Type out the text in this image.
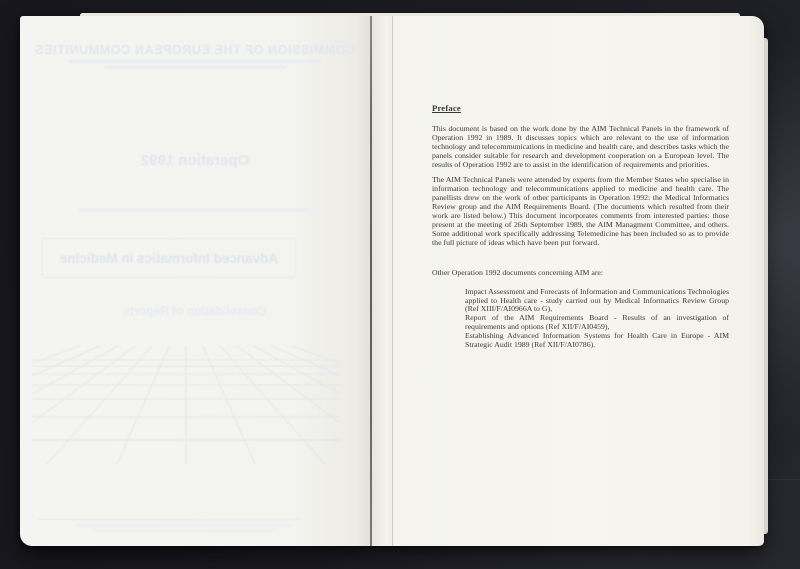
COMMISSION OF THE EUROPEAN COMMUNITIES
Operation 1992
Advanced Informatics in Medicine
Consolidation of Reports
Preface
This document is based on the work done by the AIM Technical Panels in the framework of Operation 1992 in 1989. It discusses topics which are relevant to the use of information technology and telecommunications in medicine and health care, and describes tasks which the panels consider suitable for research and development cooperation on a European level. The results of Operation 1992 are to assist in the identification of requirements and priorities.
The AIM Technical Panels were attended by experts from the Member States who specialise in information technology and telecommunications applied to medicine and health care. The panellists drew on the work of other participants in Operation 1992: the Medical Informatics Review group and the AIM Requirements Board. (The documents which resulted from their work are listed below.) This document incorporates comments from interested parties: those present at the meeting of 26th September 1989, the AIM Managment Committee, and others. Some additional work specifically addressing Telemedicine has been included so as to provide the full picture of ideas which have been put forward.
Other Operation 1992 documents concerning AIM are:
Impact Assessment and Forecasts of Information and Communications Technologies applied to Health care - study carried out by Medical Informatics Review Group (Ref XIII/F/AI0966A to G),
Report of the AIM Requirements Board - Results of an investigation of requirements and options (Ref XII/F/AI0459),
Establishing Advanced Information Systems for Health Care in Europe - AIM Strategic Audit 1989 (Ref XII/F/AI0786).
